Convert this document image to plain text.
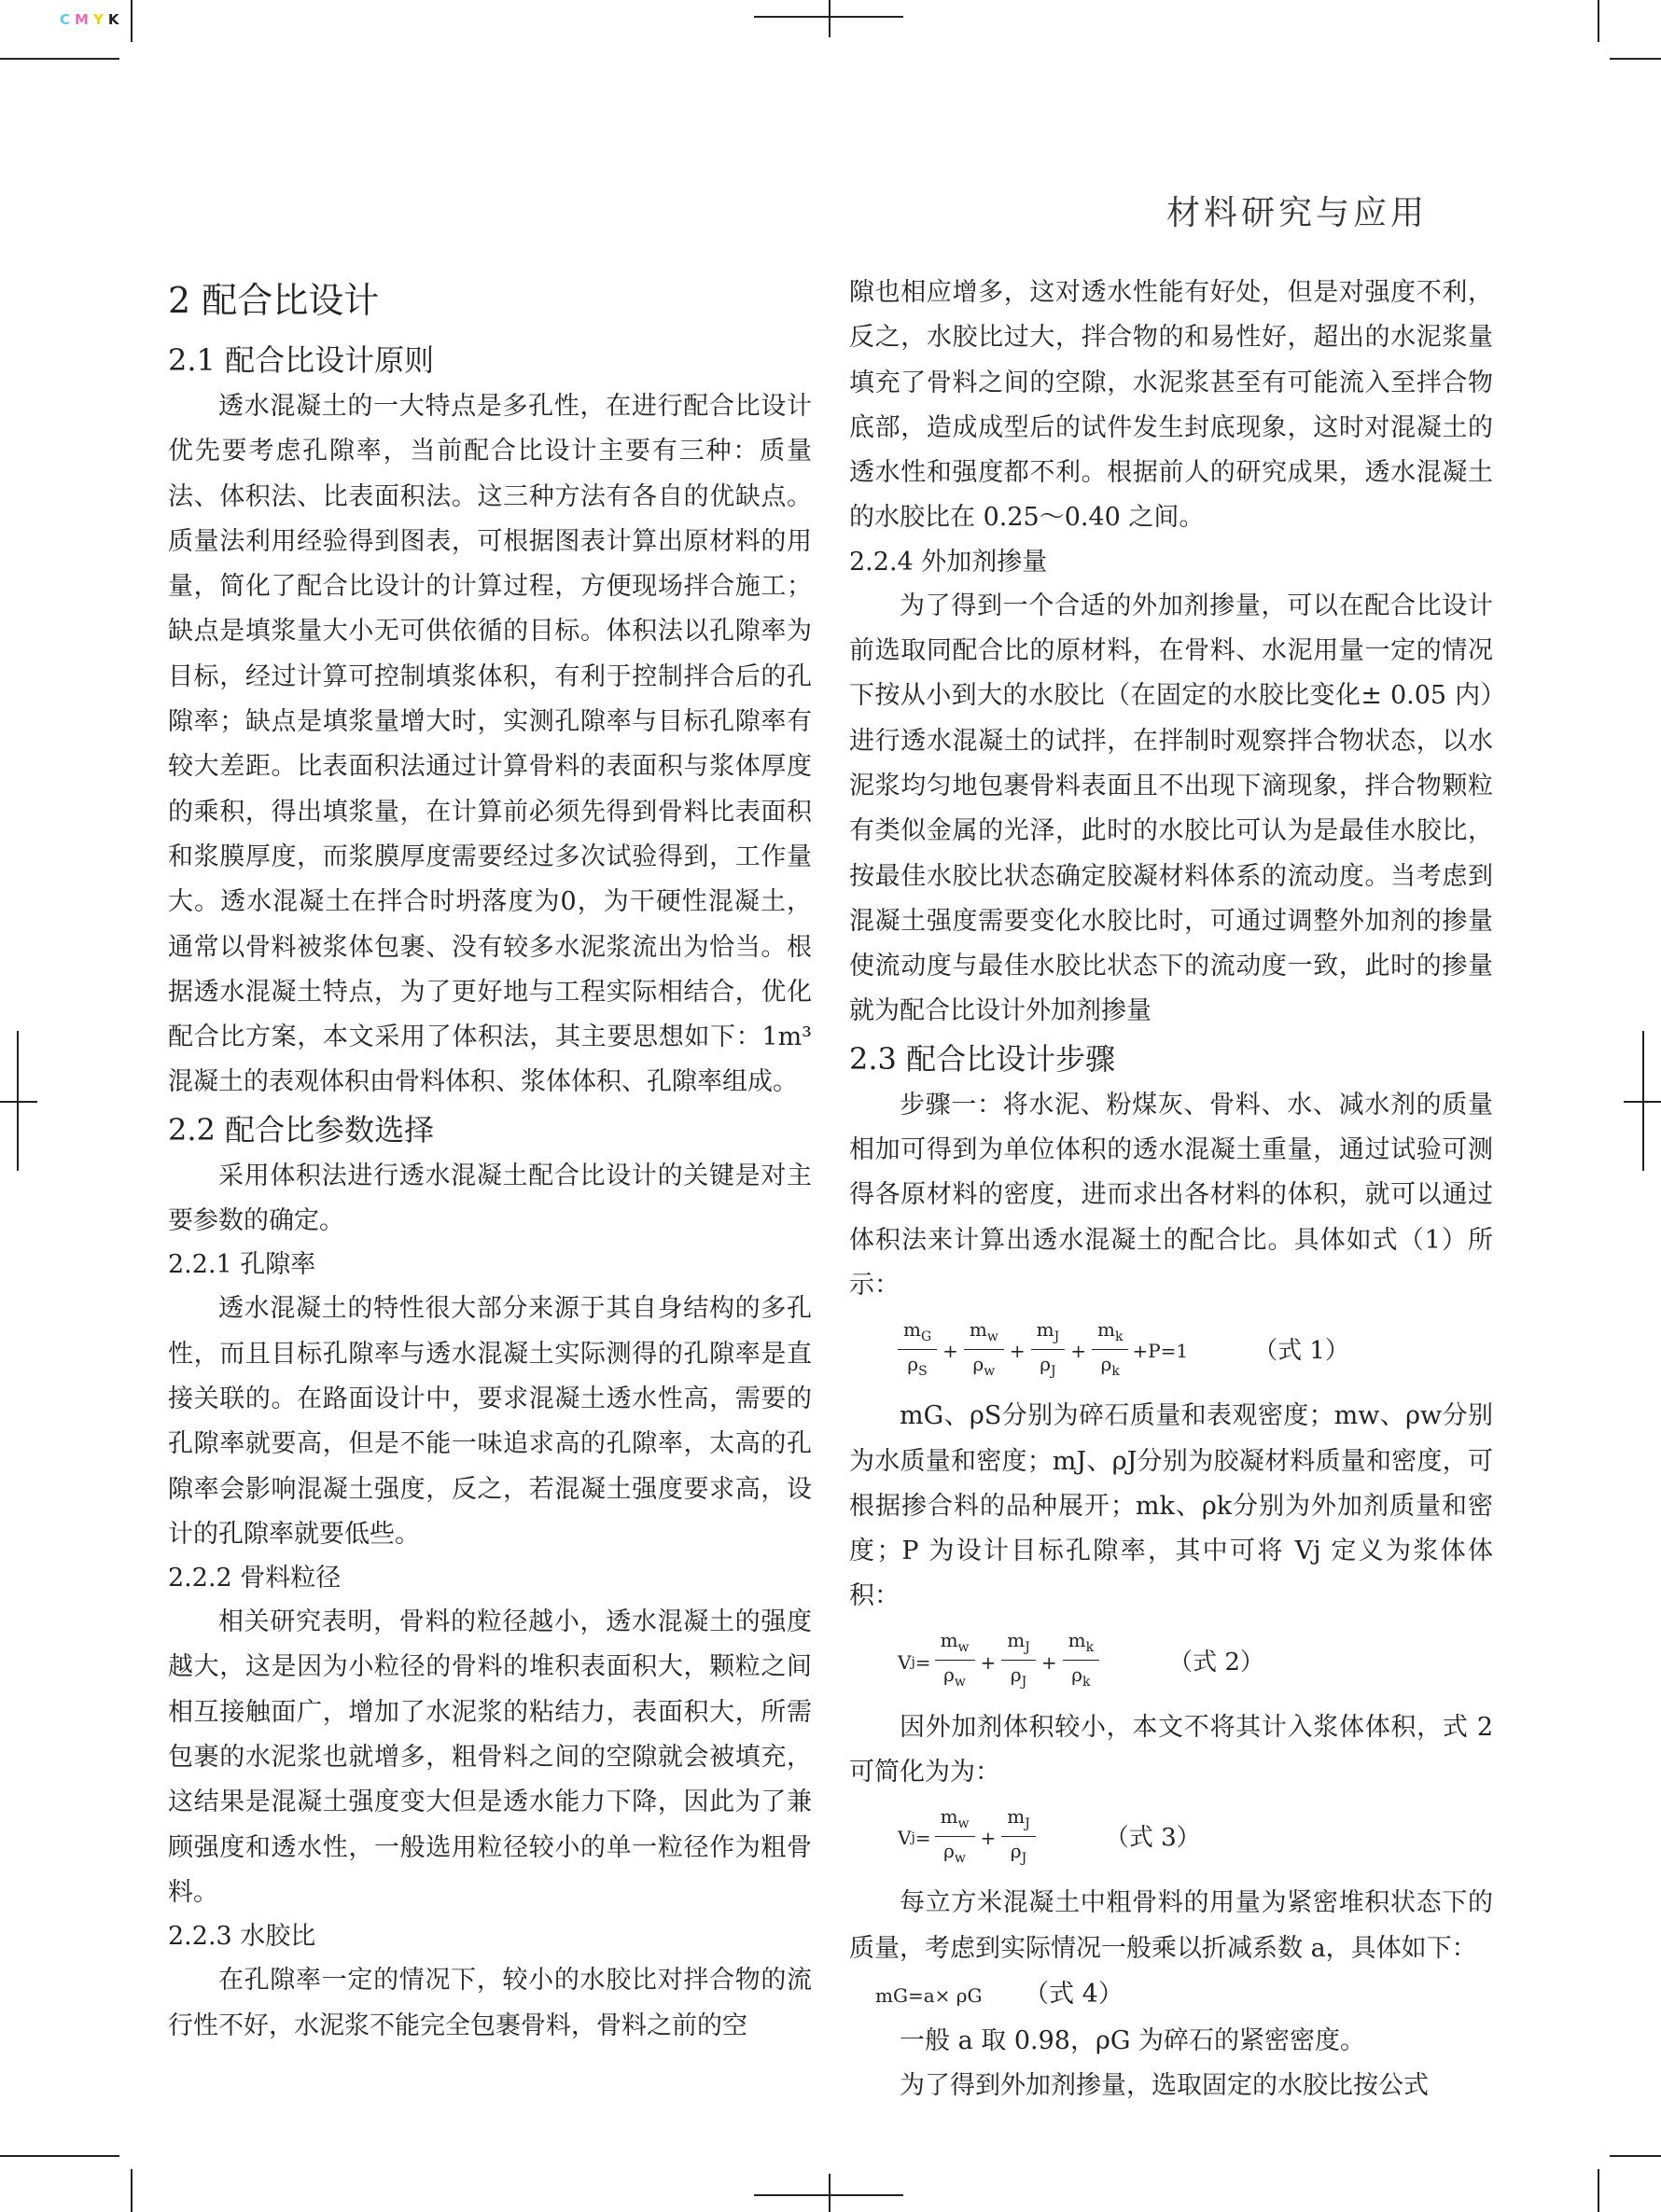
CMYK
材料研究与应用
2 配合比设计
2.1 配合比设计原则

透水混凝土的一大特点是多孔性，在进行配合比设计优先要考虑孔隙率，当前配合比设计主要有三种：质量法、体积法、比表面积法。这三种方法有各自的优缺点。质量法利用经验得到图表，可根据图表计算出原材料的用量，简化了配合比设计的计算过程，方便现场拌合施工；缺点是填浆量大小无可供依循的目标。体积法以孔隙率为目标，经过计算可控制填浆体积，有利于控制拌合后的孔隙率；缺点是填浆量增大时，实测孔隙率与目标孔隙率有较大差距。比表面积法通过计算骨料的表面积与浆体厚度的乘积，得出填浆量，在计算前必须先得到骨料比表面积和浆膜厚度，而浆膜厚度需要经过多次试验得到，工作量大。透水混凝土在拌合时坍落度为0，为干硬性混凝土，通常以骨料被浆体包裹、没有较多水泥浆流出为恰当。根据透水混凝土特点，为了更好地与工程实际相结合，优化配合比方案，本文采用了体积法，其主要思想如下：1m³混凝土的表观体积由骨料体积、浆体体积、孔隙率组成。

2.2 配合比参数选择

采用体积法进行透水混凝土配合比设计的关键是对主要参数的确定。

2.2.1 孔隙率

透水混凝土的特性很大部分来源于其自身结构的多孔性，而且目标孔隙率与透水混凝土实际测得的孔隙率是直接关联的。在路面设计中，要求混凝土透水性高，需要的孔隙率就要高，但是不能一味追求高的孔隙率，太高的孔隙率会影响混凝土强度，反之，若混凝土强度要求高，设计的孔隙率就要低些。

2.2.2 骨料粒径

相关研究表明，骨料的粒径越小，透水混凝土的强度越大，这是因为小粒径的骨料的堆积表面积大，颗粒之间相互接触面广，增加了水泥浆的粘结力，表面积大，所需包裹的水泥浆也就增多，粗骨料之间的空隙就会被填充，这结果是混凝土强度变大但是透水能力下降，因此为了兼顾强度和透水性，一般选用粒径较小的单一粒径作为粗骨料。

2.2.3 水胶比

在孔隙率一定的情况下，较小的水胶比对拌合物的流行性不好，水泥浆不能完全包裹骨料，骨料之前的空

隙也相应增多，这对透水性能有好处，但是对强度不利，反之，水胶比过大，拌合物的和易性好，超出的水泥浆量填充了骨料之间的空隙，水泥浆甚至有可能流入至拌合物底部，造成成型后的试件发生封底现象，这时对混凝土的透水性和强度都不利。根据前人的研究成果，透水混凝土的水胶比在 0.25～0.40 之间。

2.2.4 外加剂掺量

为了得到一个合适的外加剂掺量，可以在配合比设计前选取同配合比的原材料，在骨料、水泥用量一定的情况下按从小到大的水胶比（在固定的水胶比变化± 0.05 内）进行透水混凝土的试拌，在拌制时观察拌合物状态，以水泥浆均匀地包裹骨料表面且不出现下滴现象，拌合物颗粒有类似金属的光泽，此时的水胶比可认为是最佳水胶比，按最佳水胶比状态确定胶凝材料体系的流动度。当考虑到混凝土强度需要变化水胶比时，可通过调整外加剂的掺量使流动度与最佳水胶比状态下的流动度一致，此时的掺量就为配合比设计外加剂掺量

2.3 配合比设计步骤

步骤一：将水泥、粉煤灰、骨料、水、减水剂的质量相加可得到为单位体积的透水混凝土重量，通过试验可测得各原材料的密度，进而求出各材料的体积，就可以通过体积法来计算出透水混凝土的配合比。具体如式（1）所示：

$\frac{m_G}{\rho_S} + \frac{m_w}{\rho_w} + \frac{m_J}{\rho_J} + \frac{m_k}{\rho_k} +P=1$	（式 1）

mG、ρS分别为碎石质量和表观密度；mw、ρw分别为水质量和密度；mJ、ρJ分别为胶凝材料质量和密度，可根据掺合料的品种展开；mk、ρk分别为外加剂质量和密度；P 为设计目标孔隙率，其中可将 Vj 定义为浆体体积：

V $j = \frac{m_w}{\rho_w} + \frac{m_J}{\rho_J} + \frac{m_k}{\rho_k}$	（式 2）

因外加剂体积较小，本文不将其计入浆体体积，式 2 可简化为为：

V $j = \frac{m_w}{\rho_w} + \frac{m_J}{\rho_J}$	（式 3）

每立方米混凝土中粗骨料的用量为紧密堆积状态下的质量，考虑到实际情况一般乘以折减系数 a，具体如下：

mG=a× ρG （式 4）

一般 a 取 0.98，ρG 为碎石的紧密密度。

为了得到外加剂掺量，选取固定的水胶比按公式
